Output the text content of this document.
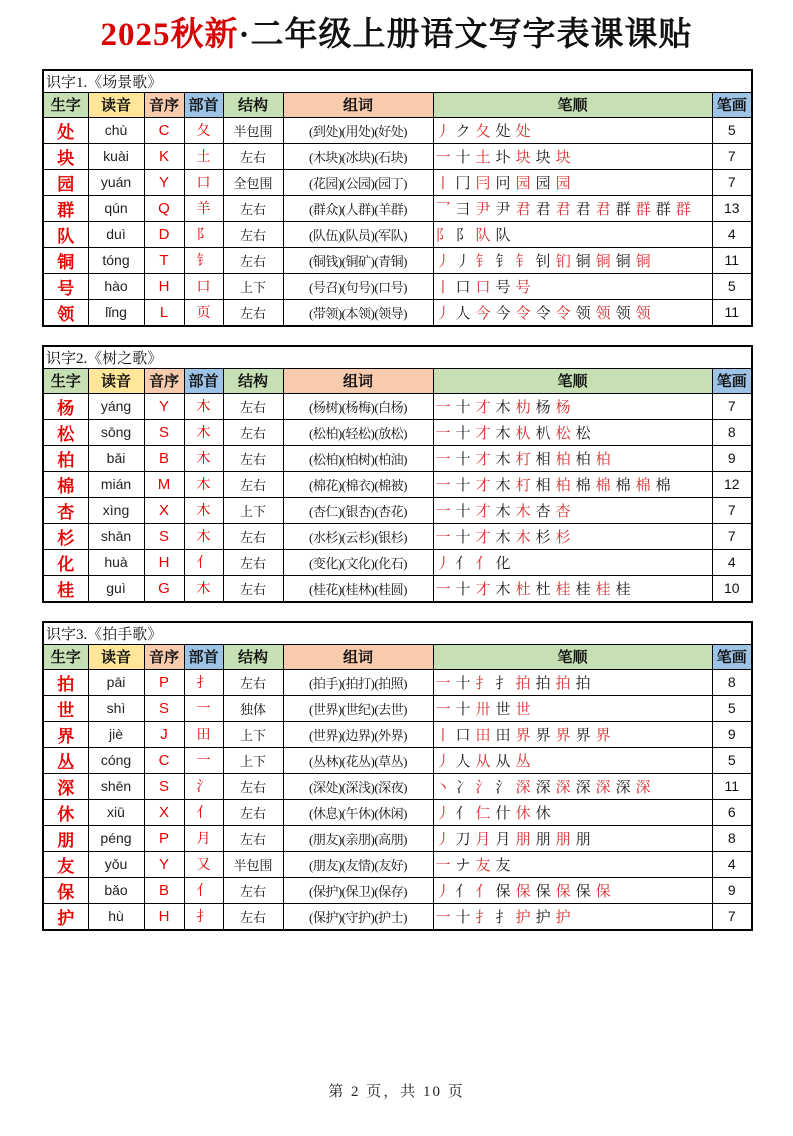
2025秋新·二年级上册语文写字表课课贴
识字1.《场景歌》							
生字	读音	音序	部首	结构	组词	笔顺	笔画
处	chù	C	夂	半包围	(到处)(用处)(好处)	丿 ク 夂 处 处	5
块	kuài	K	土	左右	(木块)(冰块)(石块)	一 十 土 圤 块 块 块	7
园	yuán	Y	口	全包围	(花园)(公园)(园丁)	丨 冂 冃 冋 园 园 园	7
群	qún	Q	羊	左右	(群众)(人群)(羊群)	乛 彐 尹 尹 君 君 君 君 君 群 群 群 群	13
队	duì	D	阝	左右	(队伍)(队员)(军队)	阝 阝 队 队	4
铜	tóng	T	钅	左右	(铜钱)(铜矿)(青铜)	丿 丿 钅 钅 钅 钊 钔 铜 铜 铜 铜	11
号	hào	H	口	上下	(号召)(句号)(口号)	丨 口 口 号 号	5
领	lǐng	L	页	左右	(带领)(本领)(领导)	丿 人 今 今 令 令 令 领 领 领 领	11
识字2.《树之歌》							
生字	读音	音序	部首	结构	组词	笔顺	笔画
杨	yáng	Y	木	左右	(杨树)(杨梅)(白杨)	一 十 才 木 朸 杨 杨	7
松	sōng	S	木	左右	(松柏)(轻松)(放松)	一 十 才 木 朲 朳 松 松	8
柏	bǎi	B	木	左右	(松柏)(柏树)(柏油)	一 十 才 木 朾 相 柏 柏 柏	9
棉	mián	M	木	左右	(棉花)(棉衣)(棉被)	一 十 才 木 朾 相 柏 棉 棉 棉 棉 棉	12
杏	xìng	X	木	上下	(杏仁)(银杏)(杏花)	一 十 才 木 木 杏 杏	7
杉	shān	S	木	左右	(水杉)(云杉)(银杉)	一 十 才 木 木 杉 杉	7
化	huà	H	亻	左右	(变化)(文化)(化石)	丿 亻 亻 化	4
桂	guì	G	木	左右	(桂花)(桂林)(桂圆)	一 十 才 木 杜 杜 桂 桂 桂 桂	10
识字3.《拍手歌》							
生字	读音	音序	部首	结构	组词	笔顺	笔画
拍	pāi	P	扌	左右	(拍手)(拍打)(拍照)	一 十 扌 扌 拍 拍 拍 拍	8
世	shì	S	一	独体	(世界)(世纪)(去世)	一 十 卅 世 世	5
界	jiè	J	田	上下	(世界)(边界)(外界)	丨 口 田 田 界 界 界 界 界	9
丛	cóng	C	一	上下	(丛林)(花丛)(草丛)	丿 人 从 从 丛	5
深	shēn	S	氵	左右	(深处)(深浅)(深夜)	丶 冫 氵 氵 深 深 深 深 深 深 深	11
休	xiū	X	亻	左右	(休息)(午休)(休闲)	丿 亻 仁 什 休 休	6
朋	péng	P	月	左右	(朋友)(亲朋)(高朋)	丿 刀 月 月 朋 朋 朋 朋	8
友	yǒu	Y	又	半包围	(朋友)(友情)(友好)	一 ナ 友 友	4
保	bǎo	B	亻	左右	(保护)(保卫)(保存)	丿 亻 亻 保 保 保 保 保 保	9
护	hù	H	扌	左右	(保护)(守护)(护士)	一 十 扌 扌 护 护 护	7
第 2 页，共 10 页
